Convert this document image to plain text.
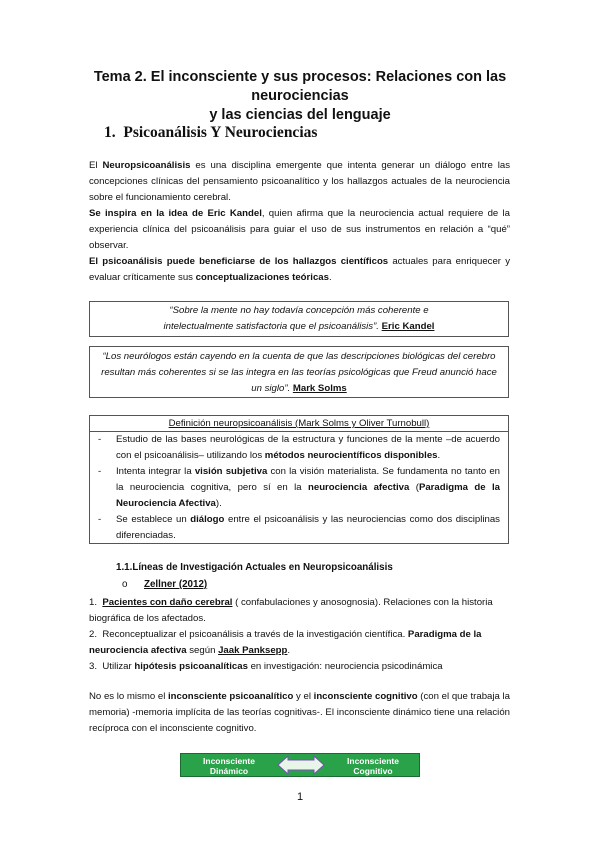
Tema 2. El inconsciente y sus procesos: Relaciones con las neurociencias
y las ciencias del lenguaje
1. Psicoanálisis Y Neurociencias
El Neuropsicoanálisis es una disciplina emergente que intenta generar un diálogo entre las concepciones clínicas del pensamiento psicoanalítico y los hallazgos actuales de la neurociencia sobre el funcionamiento cerebral.
Se inspira en la idea de Eric Kandel, quien afirma que la neurociencia actual requiere de la experiencia clínica del psicoanálisis para guiar el uso de sus instrumentos en relación a “qué” observar.
El psicoanálisis puede beneficiarse de los hallazgos científicos actuales para enriquecer y evaluar críticamente sus conceptualizaciones teóricas.
“Sobre la mente no hay todavía concepción más coherente e intelectualmente satisfactoria que el psicoanálisis”. Eric Kandel
“Los neurólogos están cayendo en la cuenta de que las descripciones biológicas del cerebro resultan más coherentes si se las integra en las teorías psicológicas que Freud anunció hace un siglo”. Mark Solms
Definición neuropsicoanálisis (Mark Solms y Oliver Turnobull)
- Estudio de las bases neurológicas de la estructura y funciones de la mente –de acuerdo con el psicoanálisis– utilizando los métodos neurocientíficos disponibles.
- Intenta integrar la visión subjetiva con la visión materialista. Se fundamenta no tanto en la neurociencia cognitiva, pero sí en la neurociencia afectiva (Paradigma de la Neurociencia Afectiva).
- Se establece un diálogo entre el psicoanálisis y las neurociencias como dos disciplinas diferenciadas.
1.1.Líneas de Investigación Actuales en Neuropsicoanálisis
o Zellner (2012)
1. Pacientes con daño cerebral ( confabulaciones y anosognosia). Relaciones con la historia biográfica de los afectados.
2. Reconceptualizar el psicoanálisis a través de la investigación científica. Paradigma de la neurociencia afectiva según Jaak Panksepp.
3. Utilizar hipótesis psicoanalíticas en investigación: neurociencia psicodinámica
No es lo mismo el inconsciente psicoanalítico y el inconsciente cognitivo (con el que trabaja la memoria) -memoria implícita de las teorías cognitivas-. El inconsciente dinámico tiene una relación recíproca con el inconsciente cognitivo.
Inconsciente Dinámico
Inconsciente Cognitivo
1
